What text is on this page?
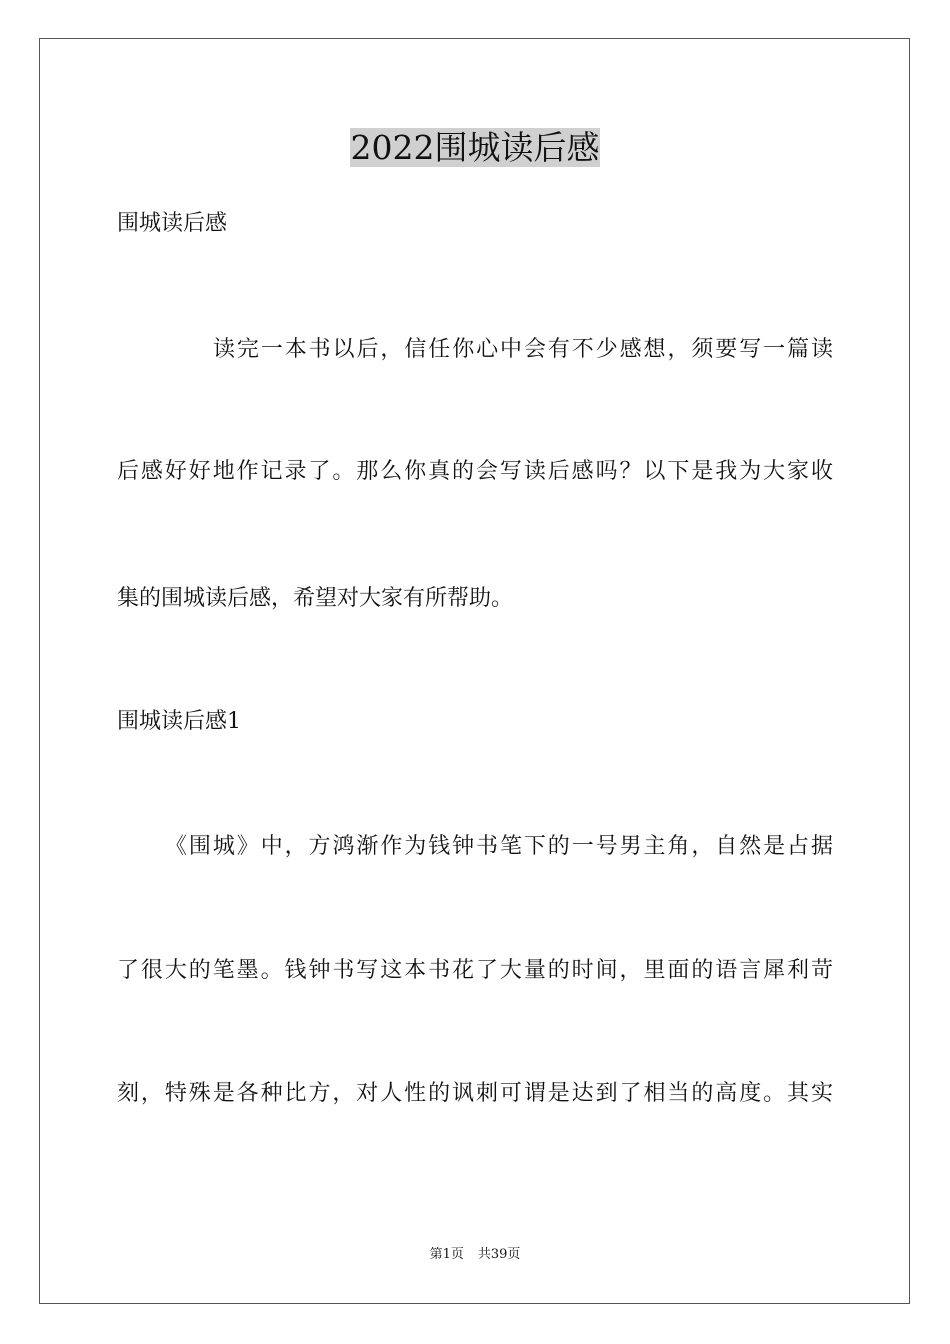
2022围城读后感

围城读后感

读完一本书以后，信任你心中会有不少感想，须要写一篇读

后感好好地作记录了。那么你真的会写读后感吗？以下是我为大家收

集的围城读后感，希望对大家有所帮助。

围城读后感1

《围城》中，方鸿渐作为钱钟书笔下的一号男主角，自然是占据

了很大的笔墨。钱钟书写这本书花了大量的时间，里面的语言犀利苛

刻，特殊是各种比方，对人性的讽刺可谓是达到了相当的高度。其实

第1页 共39页
